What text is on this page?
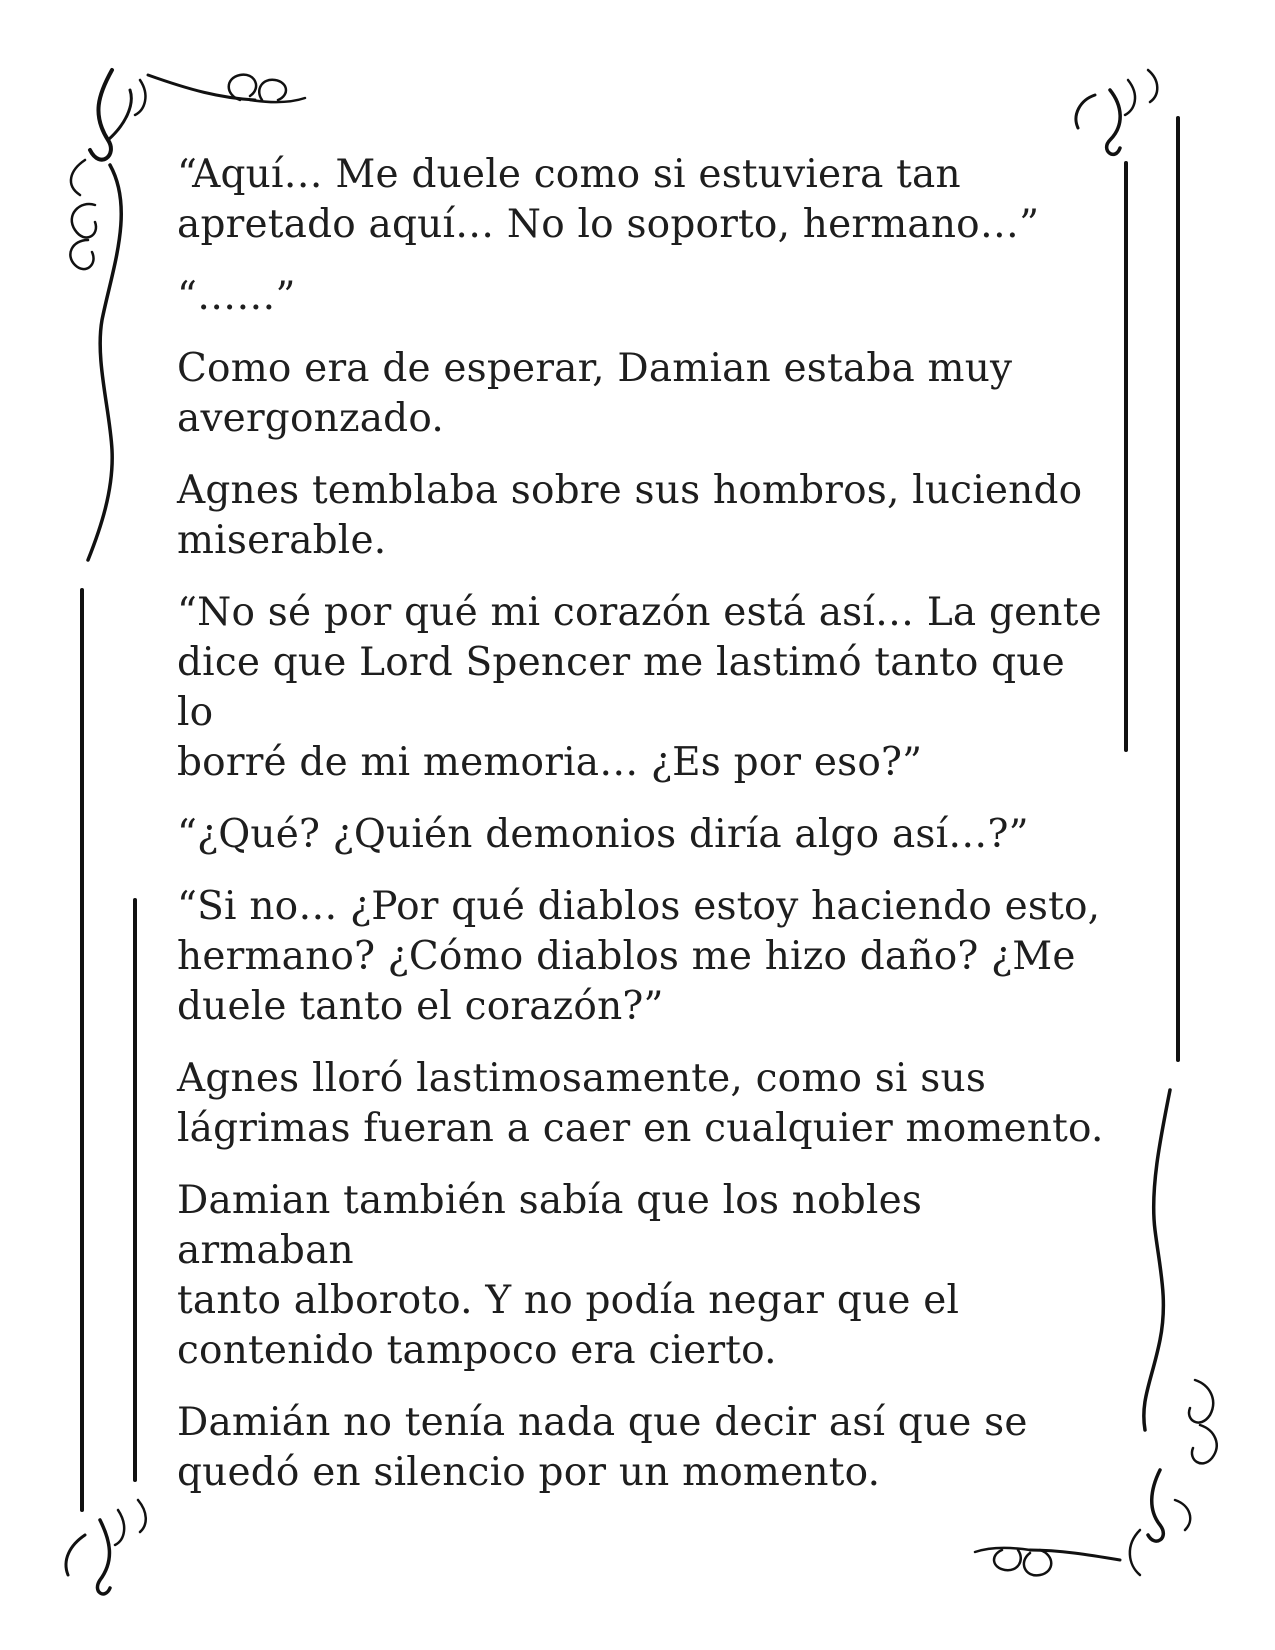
“Aquí… Me duele como si estuviera tan
apretado aquí… No lo soporto, hermano…”

“……”

Como era de esperar, Damian estaba muy
avergonzado.

Agnes temblaba sobre sus hombros, luciendo
miserable.

“No sé por qué mi corazón está así… La gente
dice que Lord Spencer me lastimó tanto que lo
borré de mi memoria… ¿Es por eso?”

“¿Qué? ¿Quién demonios diría algo así…?”

“Si no… ¿Por qué diablos estoy haciendo esto,
hermano? ¿Cómo diablos me hizo daño? ¿Me
duele tanto el corazón?”

Agnes lloró lastimosamente, como si sus
lágrimas fueran a caer en cualquier momento.

Damian también sabía que los nobles armaban
tanto alboroto. Y no podía negar que el
contenido tampoco era cierto.

Damián no tenía nada que decir así que se
quedó en silencio por un momento.
